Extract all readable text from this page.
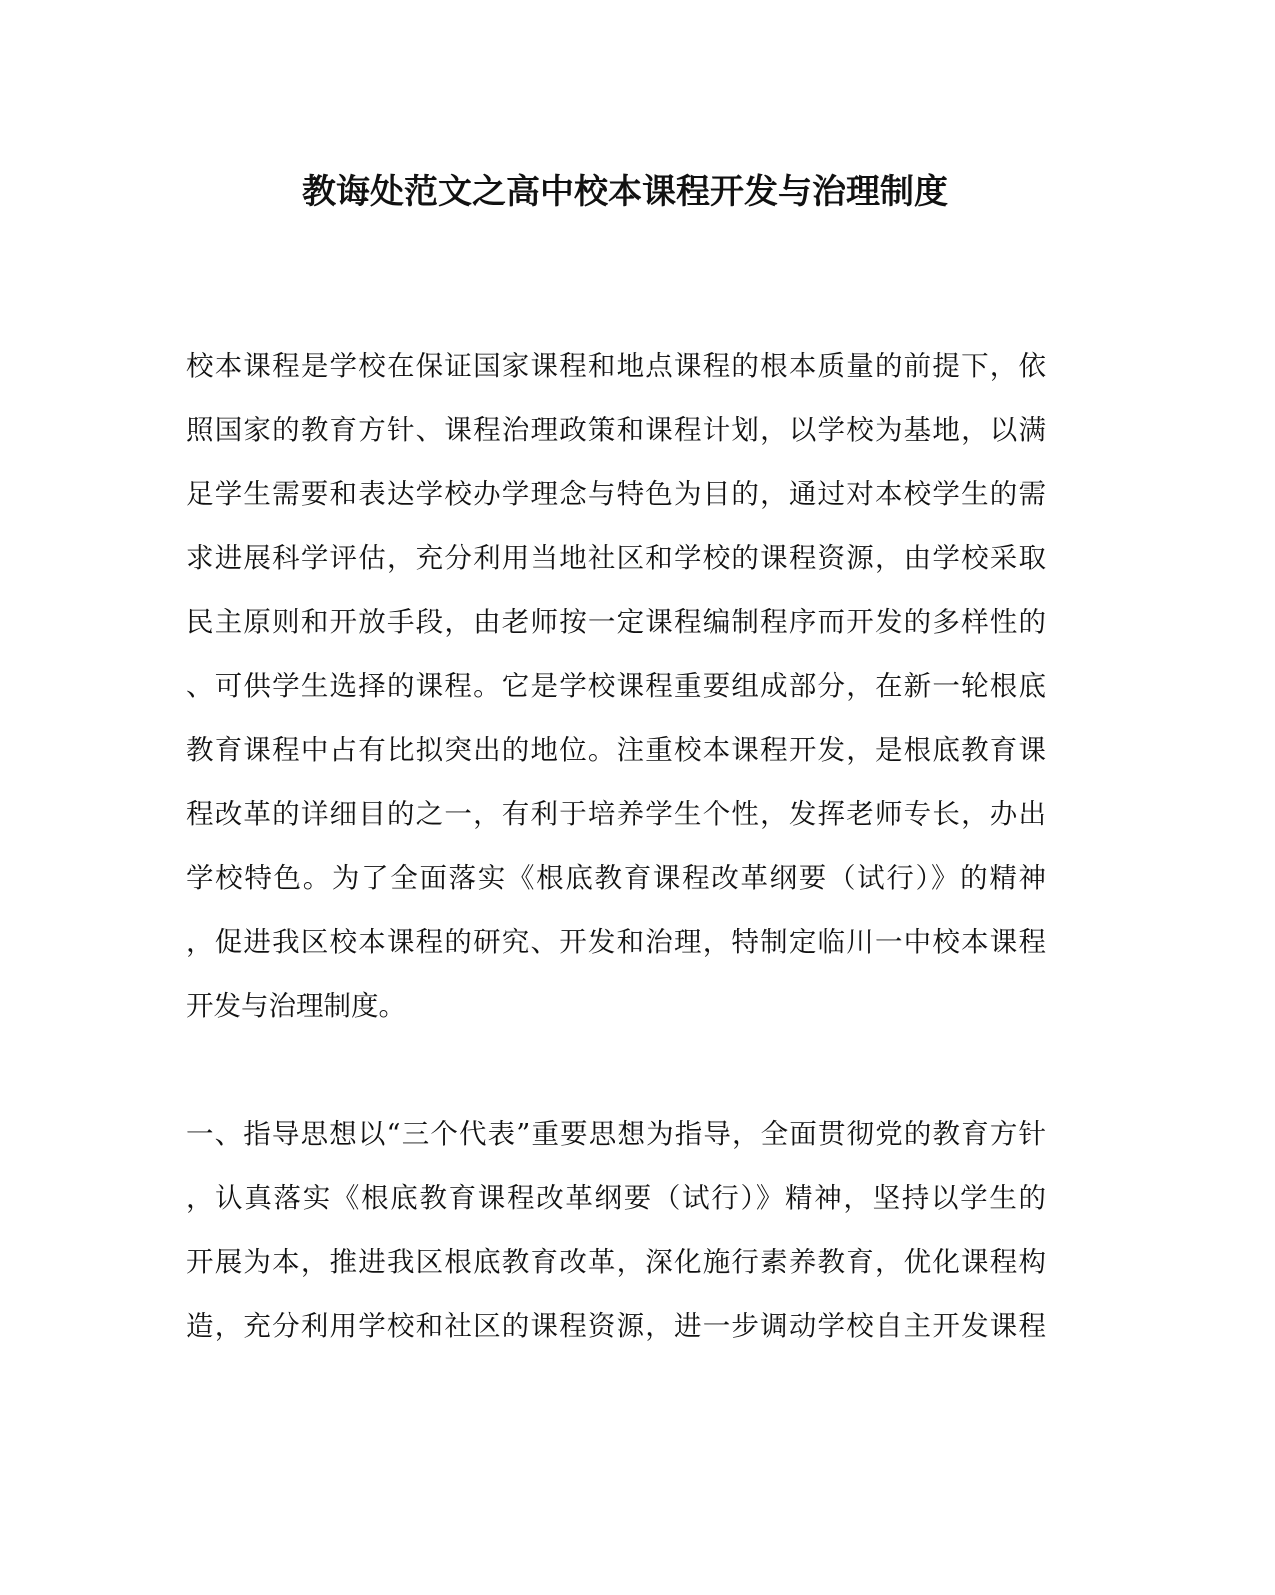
教诲处范文之高中校本课程开发与治理制度

校本课程是学校在保证国家课程和地点课程的根本质量的前提下，依

照国家的教育方针、课程治理政策和课程计划，以学校为基地，以满

足学生需要和表达学校办学理念与特色为目的，通过对本校学生的需

求进展科学评估，充分利用当地社区和学校的课程资源，由学校采取

民主原则和开放手段，由老师按一定课程编制程序而开发的多样性的

、可供学生选择的课程。它是学校课程重要组成部分，在新一轮根底

教育课程中占有比拟突出的地位。注重校本课程开发，是根底教育课

程改革的详细目的之一，有利于培养学生个性，发挥老师专长，办出

学校特色。为了全面落实《根底教育课程改革纲要（试行）》的精神

，促进我区校本课程的研究、开发和治理，特制定临川一中校本课程

开发与治理制度。

一、指导思想以“三个代表”重要思想为指导，全面贯彻党的教育方针

，认真落实《根底教育课程改革纲要（试行）》精神，坚持以学生的

开展为本，推进我区根底教育改革，深化施行素养教育，优化课程构

造，充分利用学校和社区的课程资源，进一步调动学校自主开发课程
